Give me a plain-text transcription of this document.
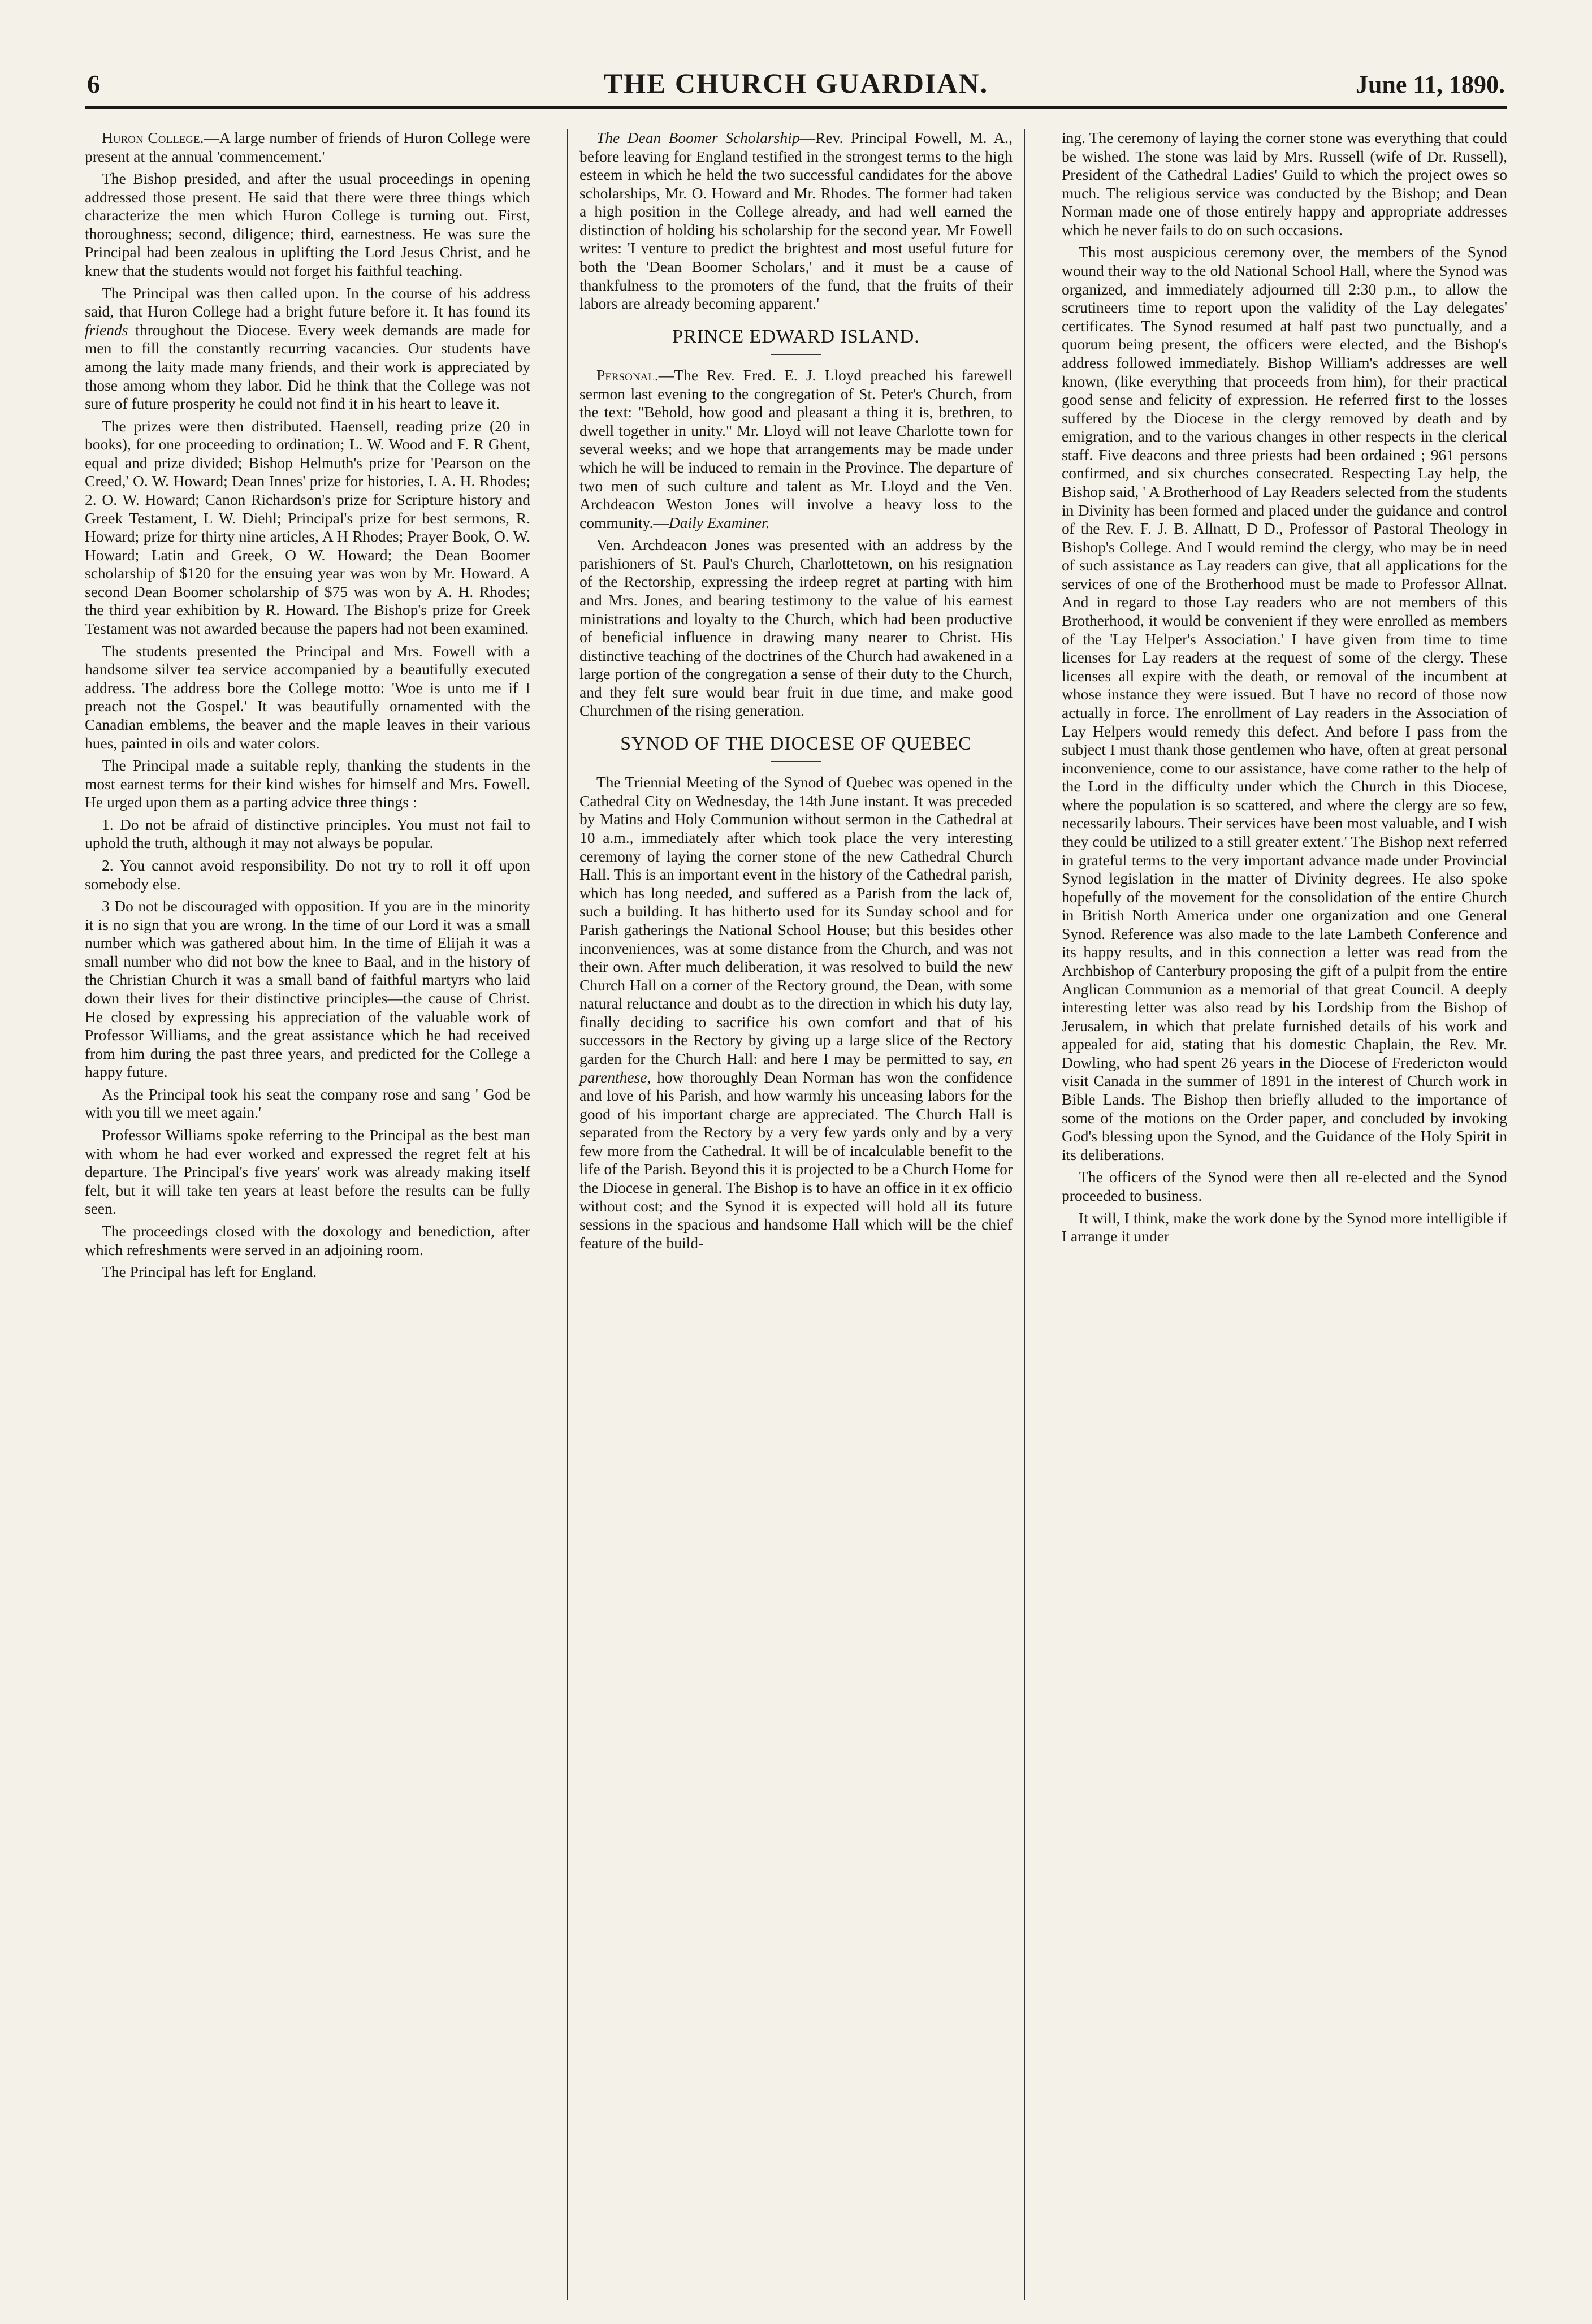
6	THE CHURCH GUARDIAN.	June 11, 1890.

Huron College.—A large number of friends of Huron College were present at the annual 'commencement.'

The Bishop presided, and after the usual proceedings in opening addressed those present. He said that there were three things which characterize the men which Huron College is turning out. First, thoroughness; second, diligence; third, earnestness. He was sure the Principal had been zealous in uplifting the Lord Jesus Christ, and he knew that the students would not forget his faithful teaching.

The Principal was then called upon. In the course of his address said, that Huron College had a bright future before it. It has found its friends throughout the Diocese. Every week demands are made for men to fill the constantly recurring vacancies. Our students have among the laity made many friends, and their work is appreciated by those among whom they labor. Did he think that the College was not sure of future prosperity he could not find it in his heart to leave it.

The prizes were then distributed. Haensell, reading prize (20 in books), for one proceeding to ordination; L. W. Wood and F. R Ghent, equal and prize divided; Bishop Helmuth's prize for 'Pearson on the Creed,' O. W. Howard; Dean Innes' prize for histories, I. A. H. Rhodes; 2. O. W. Howard; Canon Richardson's prize for Scripture history and Greek Testament, L W. Diehl; Principal's prize for best sermons, R. Howard; prize for thirty nine articles, A H Rhodes; Prayer Book, O. W. Howard; Latin and Greek, O W. Howard; the Dean Boomer scholarship of $120 for the ensuing year was won by Mr. Howard. A second Dean Boomer scholarship of $75 was won by A. H. Rhodes; the third year exhibition by R. Howard. The Bishop's prize for Greek Testament was not awarded because the papers had not been examined.

The students presented the Principal and Mrs. Fowell with a handsome silver tea service accompanied by a beautifully executed address. The address bore the College motto: 'Woe is unto me if I preach not the Gospel.' It was beautifully ornamented with the Canadian emblems, the beaver and the maple leaves in their various hues, painted in oils and water colors.

The Principal made a suitable reply, thanking the students in the most earnest terms for their kind wishes for himself and Mrs. Fowell. He urged upon them as a parting advice three things :

1. Do not be afraid of distinctive principles. You must not fail to uphold the truth, although it may not always be popular.

2. You cannot avoid responsibility. Do not try to roll it off upon somebody else.

3 Do not be discouraged with opposition. If you are in the minority it is no sign that you are wrong. In the time of our Lord it was a small number which was gathered about him. In the time of Elijah it was a small number who did not bow the knee to Baal, and in the history of the Christian Church it was a small band of faithful martyrs who laid down their lives for their distinctive principles—the cause of Christ. He closed by expressing his appreciation of the valuable work of Professor Williams, and the great assistance which he had received from him during the past three years, and predicted for the College a happy future.

As the Principal took his seat the company rose and sang ' God be with you till we meet again.'

Professor Williams spoke referring to the Principal as the best man with whom he had ever worked and expressed the regret felt at his departure. The Principal's five years' work was already making itself felt, but it will take ten years at least before the results can be fully seen.

The proceedings closed with the doxology and benediction, after which refreshments were served in an adjoining room.

The Principal has left for England.

The Dean Boomer Scholarship—Rev. Principal Fowell, M. A., before leaving for England testified in the strongest terms to the high esteem in which he held the two successful candidates for the above scholarships, Mr. O. Howard and Mr. Rhodes. The former had taken a high position in the College already, and had well earned the distinction of holding his scholarship for the second year. Mr Fowell writes: 'I venture to predict the brightest and most useful future for both the 'Dean Boomer Scholars,' and it must be a cause of thankfulness to the promoters of the fund, that the fruits of their labors are already becoming apparent.'

PRINCE EDWARD ISLAND.

Personal.—The Rev. Fred. E. J. Lloyd preached his farewell sermon last evening to the congregation of St. Peter's Church, from the text: "Behold, how good and pleasant a thing it is, brethren, to dwell together in unity." Mr. Lloyd will not leave Charlotte town for several weeks; and we hope that arrangements may be made under which he will be induced to remain in the Province. The departure of two men of such culture and talent as Mr. Lloyd and the Ven. Archdeacon Weston Jones will involve a heavy loss to the community.—Daily Examiner.

Ven. Archdeacon Jones was presented with an address by the parishioners of St. Paul's Church, Charlottetown, on his resignation of the Rectorship, expressing the irdeep regret at parting with him and Mrs. Jones, and bearing testimony to the value of his earnest ministrations and loyalty to the Church, which had been productive of beneficial influence in drawing many nearer to Christ. His distinctive teaching of the doctrines of the Church had awakened in a large portion of the congregation a sense of their duty to the Church, and they felt sure would bear fruit in due time, and make good Churchmen of the rising generation.

SYNOD OF THE DIOCESE OF QUEBEC

The Triennial Meeting of the Synod of Quebec was opened in the Cathedral City on Wednesday, the 14th June instant. It was preceded by Matins and Holy Communion without sermon in the Cathedral at 10 a.m., immediately after which took place the very interesting ceremony of laying the corner stone of the new Cathedral Church Hall. This is an important event in the history of the Cathedral parish, which has long needed, and suffered as a Parish from the lack of, such a building. It has hitherto used for its Sunday school and for Parish gatherings the National School House; but this besides other inconveniences, was at some distance from the Church, and was not their own. After much deliberation, it was resolved to build the new Church Hall on a corner of the Rectory ground, the Dean, with some natural reluctance and doubt as to the direction in which his duty lay, finally deciding to sacrifice his own comfort and that of his successors in the Rectory by giving up a large slice of the Rectory garden for the Church Hall: and here I may be permitted to say, en parenthese, how thoroughly Dean Norman has won the confidence and love of his Parish, and how warmly his unceasing labors for the good of his important charge are appreciated. The Church Hall is separated from the Rectory by a very few yards only and by a very few more from the Cathedral. It will be of incalculable benefit to the life of the Parish. Beyond this it is projected to be a Church Home for the Diocese in general. The Bishop is to have an office in it ex officio without cost; and the Synod it is expected will hold all its future sessions in the spacious and handsome Hall which will be the chief feature of the build-

ing. The ceremony of laying the corner stone was everything that could be wished. The stone was laid by Mrs. Russell (wife of Dr. Russell), President of the Cathedral Ladies' Guild to which the project owes so much. The religious service was conducted by the Bishop; and Dean Norman made one of those entirely happy and appropriate addresses which he never fails to do on such occasions.

This most auspicious ceremony over, the members of the Synod wound their way to the old National School Hall, where the Synod was organized, and immediately adjourned till 2:30 p.m., to allow the scrutineers time to report upon the validity of the Lay delegates' certificates. The Synod resumed at half past two punctually, and a quorum being present, the officers were elected, and the Bishop's address followed immediately. Bishop William's addresses are well known, (like everything that proceeds from him), for their practical good sense and felicity of expression. He referred first to the losses suffered by the Diocese in the clergy removed by death and by emigration, and to the various changes in other respects in the clerical staff. Five deacons and three priests had been ordained ; 961 persons confirmed, and six churches consecrated. Respecting Lay help, the Bishop said, ' A Brotherhood of Lay Readers selected from the students in Divinity has been formed and placed under the guidance and control of the Rev. F. J. B. Allnatt, D D., Professor of Pastoral Theology in Bishop's College. And I would remind the clergy, who may be in need of such assistance as Lay readers can give, that all applications for the services of one of the Brotherhood must be made to Professor Allnat. And in regard to those Lay readers who are not members of this Brotherhood, it would be convenient if they were enrolled as members of the 'Lay Helper's Association.' I have given from time to time licenses for Lay readers at the request of some of the clergy. These licenses all expire with the death, or removal of the incumbent at whose instance they were issued. But I have no record of those now actually in force. The enrollment of Lay readers in the Association of Lay Helpers would remedy this defect. And before I pass from the subject I must thank those gentlemen who have, often at great personal inconvenience, come to our assistance, have come rather to the help of the Lord in the difficulty under which the Church in this Diocese, where the population is so scattered, and where the clergy are so few, necessarily labours. Their services have been most valuable, and I wish they could be utilized to a still greater extent.' The Bishop next referred in grateful terms to the very important advance made under Provincial Synod legislation in the matter of Divinity degrees. He also spoke hopefully of the movement for the consolidation of the entire Church in British North America under one organization and one General Synod. Reference was also made to the late Lambeth Conference and its happy results, and in this connection a letter was read from the Archbishop of Canterbury proposing the gift of a pulpit from the entire Anglican Communion as a memorial of that great Council. A deeply interesting letter was also read by his Lordship from the Bishop of Jerusalem, in which that prelate furnished details of his work and appealed for aid, stating that his domestic Chaplain, the Rev. Mr. Dowling, who had spent 26 years in the Diocese of Fredericton would visit Canada in the summer of 1891 in the interest of Church work in Bible Lands. The Bishop then briefly alluded to the importance of some of the motions on the Order paper, and concluded by invoking God's blessing upon the Synod, and the Guidance of the Holy Spirit in its deliberations.

The officers of the Synod were then all re-elected and the Synod proceeded to business.

It will, I think, make the work done by the Synod more intelligible if I arrange it under
